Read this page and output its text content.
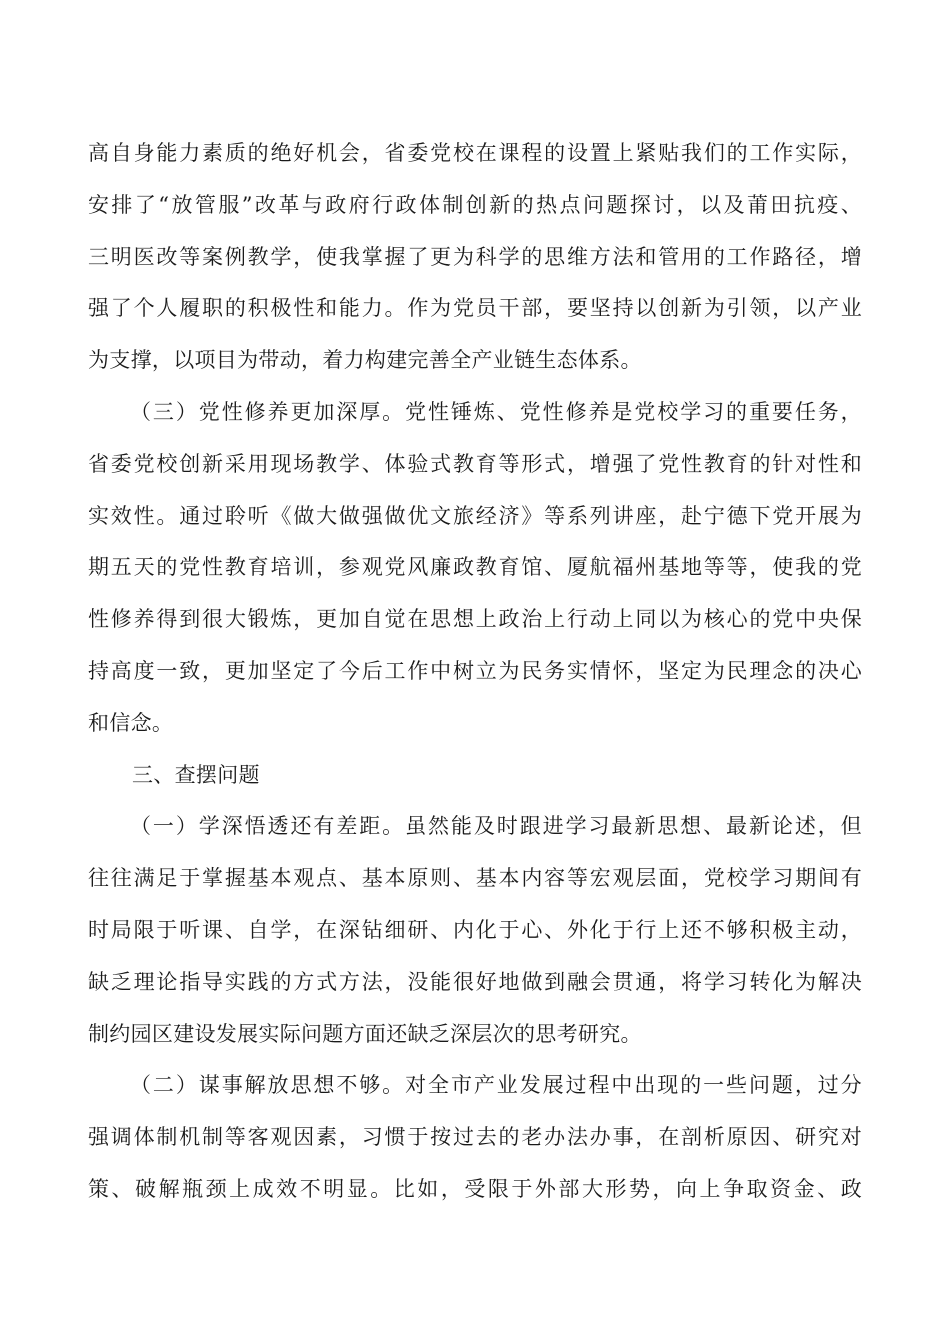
高自身能力素质的绝好机会，省委党校在课程的设置上紧贴我们的工作实际，
安排了“放管服”改革与政府行政体制创新的热点问题探讨，以及莆田抗疫、
三明医改等案例教学，使我掌握了更为科学的思维方法和管用的工作路径，增
强了个人履职的积极性和能力。作为党员干部，要坚持以创新为引领，以产业
为支撑，以项目为带动，着力构建完善全产业链生态体系。
（三）党性修养更加深厚。党性锤炼、党性修养是党校学习的重要任务，
省委党校创新采用现场教学、体验式教育等形式，增强了党性教育的针对性和
实效性。通过聆听《做大做强做优文旅经济》等系列讲座，赴宁德下党开展为
期五天的党性教育培训，参观党风廉政教育馆、厦航福州基地等等，使我的党
性修养得到很大锻炼，更加自觉在思想上政治上行动上同以为核心的党中央保
持高度一致，更加坚定了今后工作中树立为民务实情怀，坚定为民理念的决心
和信念。
三、查摆问题
（一）学深悟透还有差距。虽然能及时跟进学习最新思想、最新论述，但
往往满足于掌握基本观点、基本原则、基本内容等宏观层面，党校学习期间有
时局限于听课、自学，在深钻细研、内化于心、外化于行上还不够积极主动，
缺乏理论指导实践的方式方法，没能很好地做到融会贯通，将学习转化为解决
制约园区建设发展实际问题方面还缺乏深层次的思考研究。
（二）谋事解放思想不够。对全市产业发展过程中出现的一些问题，过分
强调体制机制等客观因素，习惯于按过去的老办法办事，在剖析原因、研究对
策、破解瓶颈上成效不明显。比如，受限于外部大形势，向上争取资金、政
